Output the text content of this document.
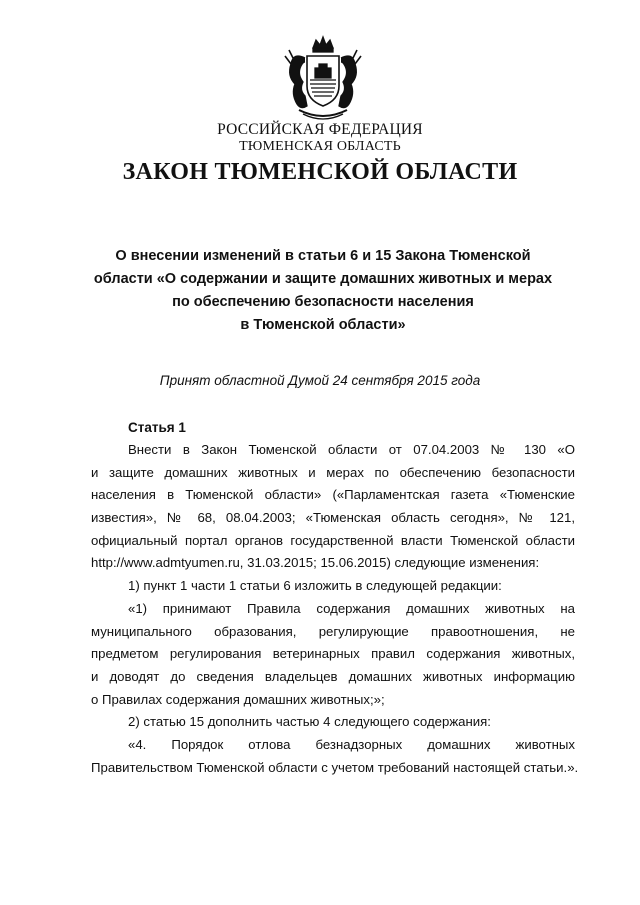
РОССИЙСКАЯ ФЕДЕРАЦИЯ
ТЮМЕНСКАЯ ОБЛАСТЬ
ЗАКОН ТЮМЕНСКОЙ ОБЛАСТИ
О внесении изменений в статьи 6 и 15 Закона Тюменской
области «О содержании и защите домашних животных и мерах
по обеспечению безопасности населения
в Тюменской области»
Принят областной Думой 24 сентября 2015 года
Статья 1
Внести в Закон Тюменской области от 07.04.2003 № 130 «О
и защите домашних животных и мерах по обеспечению безопасности
населения в Тюменской области» («Парламентская газета «Тюменские
известия», № 68, 08.04.2003; «Тюменская область сегодня», № 121,
официальный портал органов государственной власти Тюменской области
http://www.admtyumen.ru, 31.03.2015; 15.06.2015) следующие изменения:
1) пункт 1 части 1 статьи 6 изложить в следующей редакции:
«1) принимают Правила содержания домашних животных на
муниципального образования, регулирующие правоотношения, не
предметом регулирования ветеринарных правил содержания животных,
и доводят до сведения владельцев домашних животных информацию
о Правилах содержания домашних животных;»;
2) статью 15 дополнить частью 4 следующего содержания:
«4. Порядок отлова безнадзорных домашних животных
Правительством Тюменской области с учетом требований настоящей статьи.».
